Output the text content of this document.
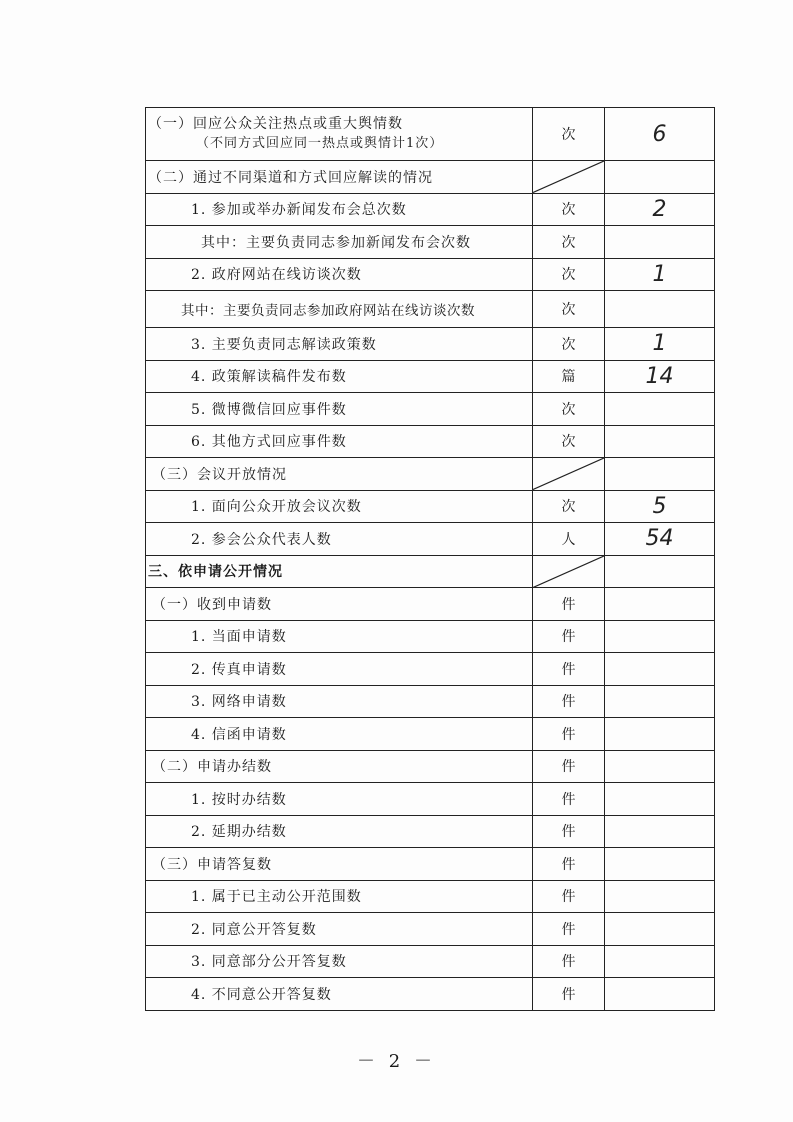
（一）回应公众关注热点或重大舆情数
（不同方式回应同一热点或舆情计1次）	次	6
（二）通过不同渠道和方式回应解读的情况	

1. 参加或举办新闻发布会总次数	次	2
其中：主要负责同志参加新闻发布会次数	次	
2. 政府网站在线访谈次数	次	1
其中：主要负责同志参加政府网站在线访谈次数	次	
3. 主要负责同志解读政策数	次	1
4. 政策解读稿件发布数	篇	14
5. 微博微信回应事件数	次	
6. 其他方式回应事件数	次	
（三）会议开放情况	

1. 面向公众开放会议次数	次	5
2. 参会公众代表人数	人	54
三、依申请公开情况	

（一）收到申请数	件	
1. 当面申请数	件	
2. 传真申请数	件	
3. 网络申请数	件	
4. 信函申请数	件	
（二）申请办结数	件	
1. 按时办结数	件	
2. 延期办结数	件	
（三）申请答复数	件	
1. 属于已主动公开范围数	件	
2. 同意公开答复数	件	
3. 同意部分公开答复数	件	
4. 不同意公开答复数	件	
－ 2 －
